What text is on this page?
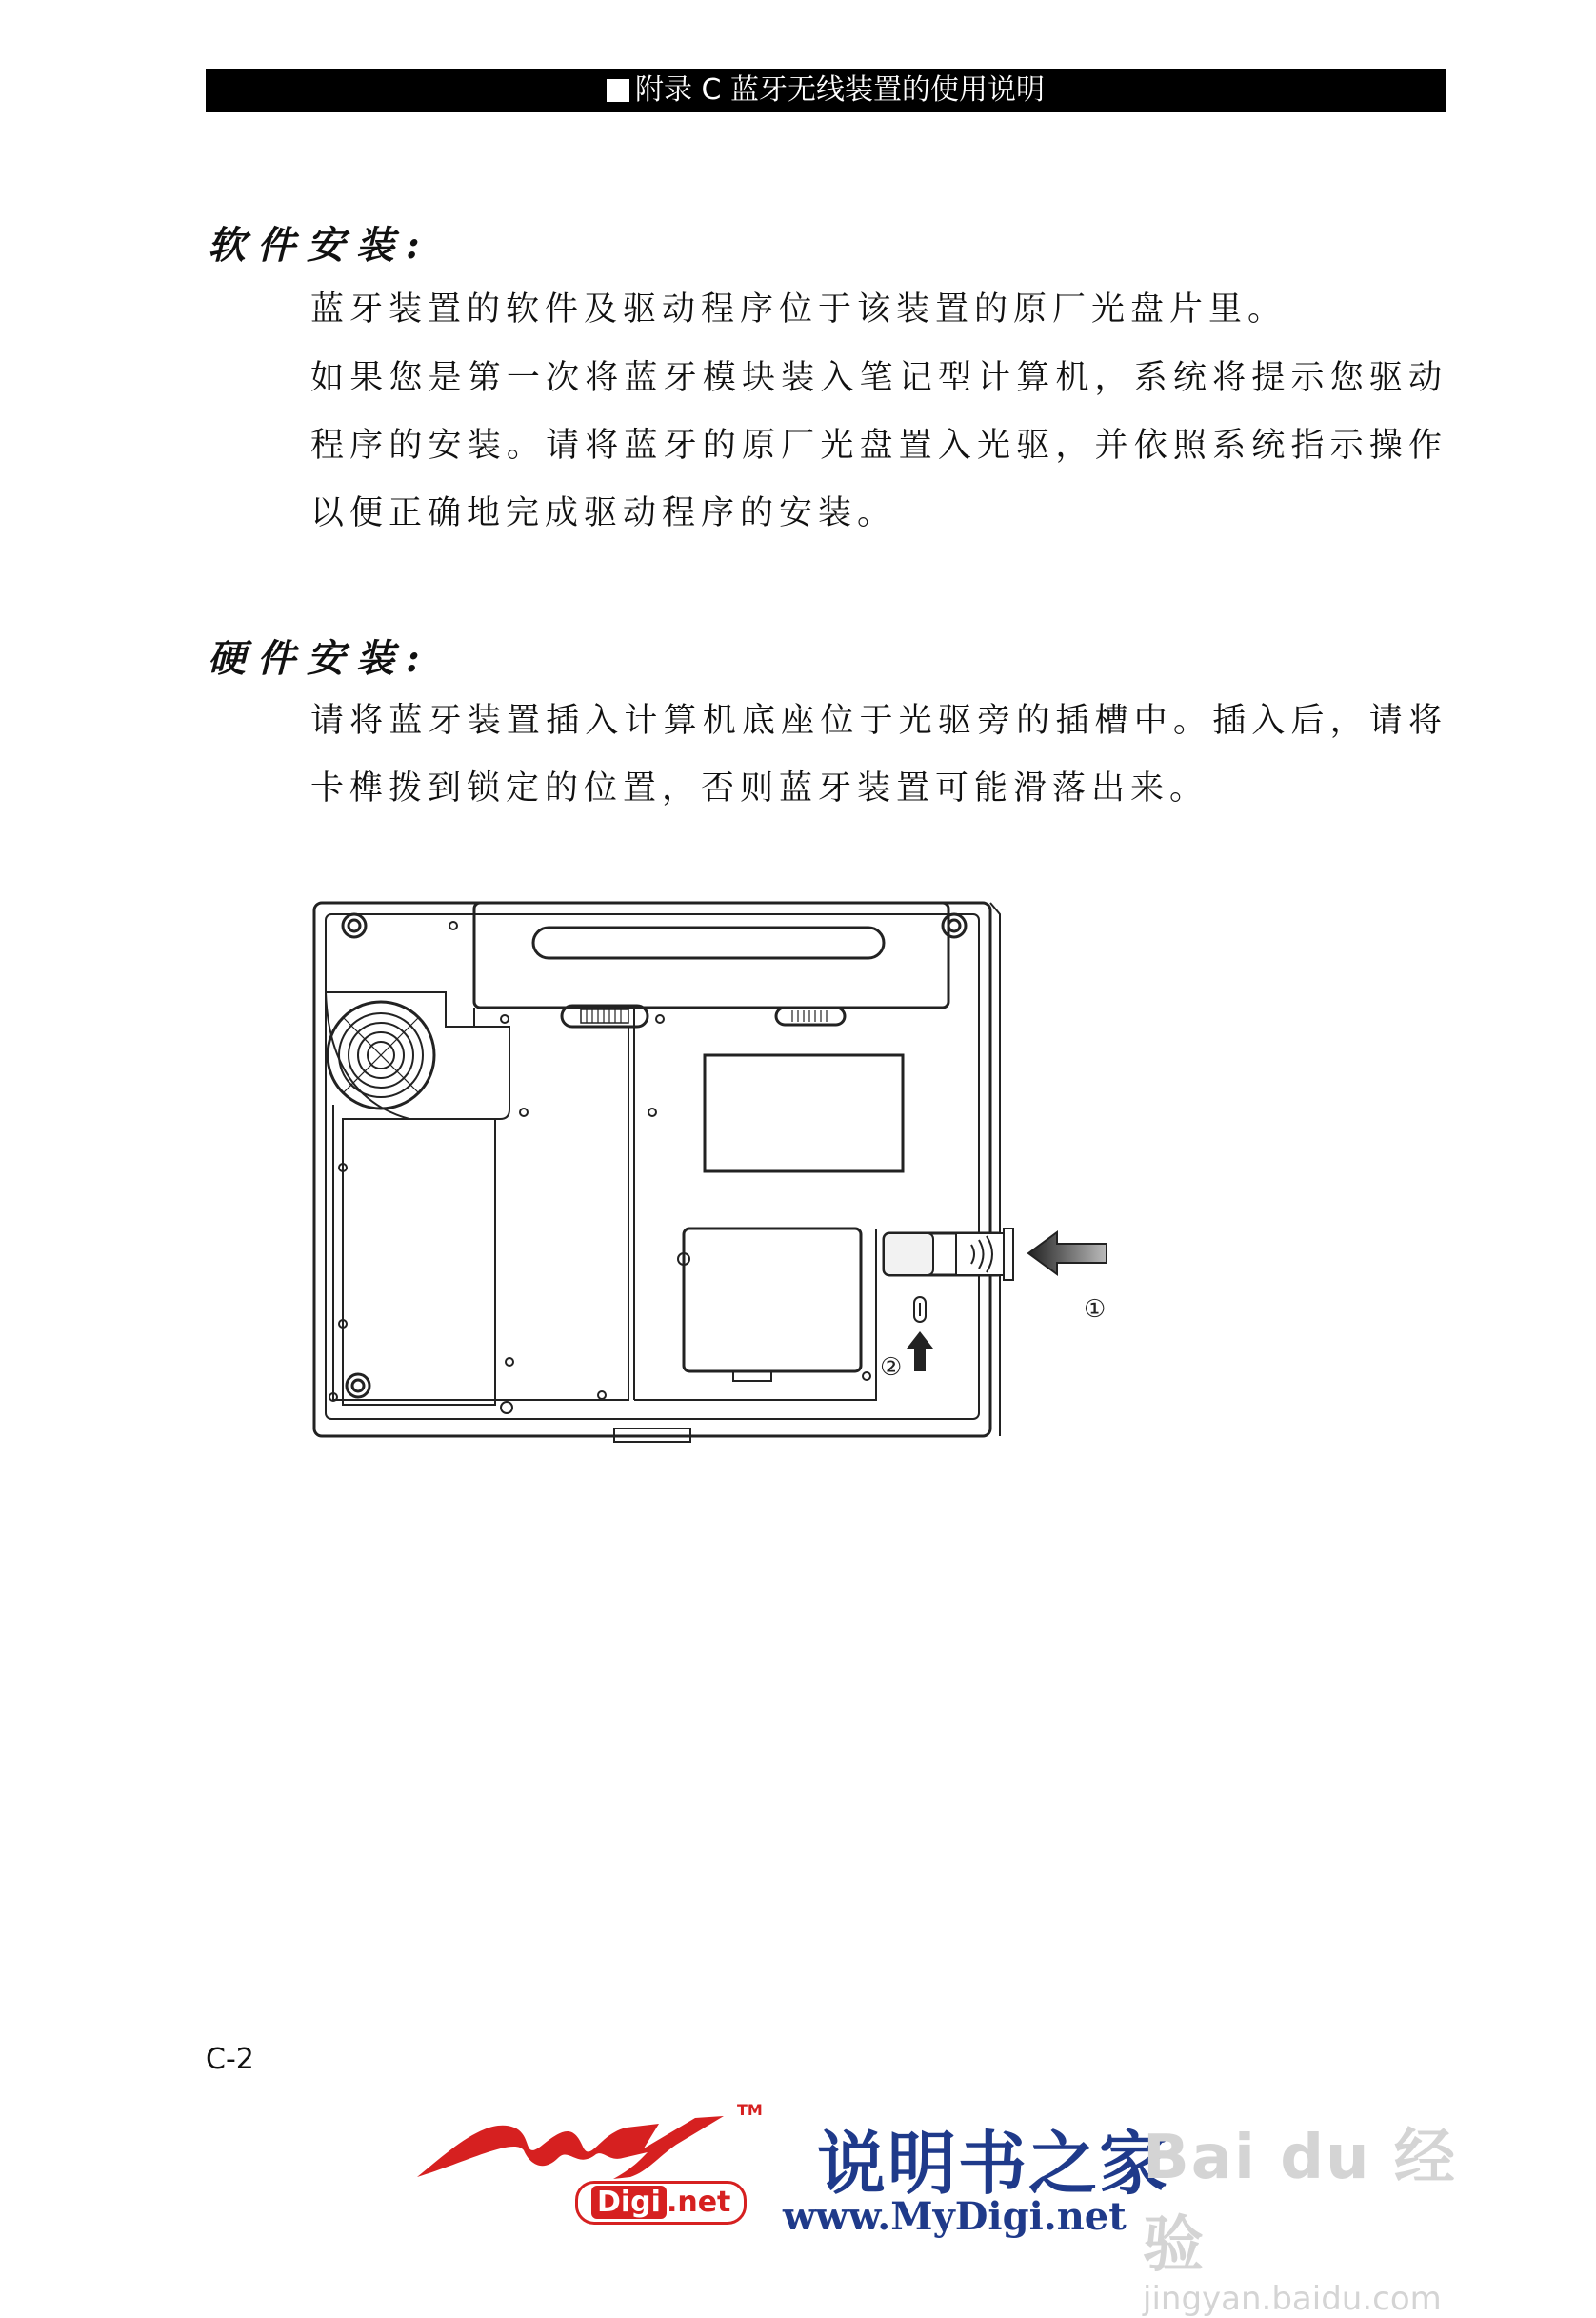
附录 C 蓝牙无线装置的使用说明
软件安装:

蓝牙装置的软件及驱动程序位于该装置的原厂光盘片里。

如果您是第一次将蓝牙模块装入笔记型计算机，系统将提示您驱动程序的安装。请将蓝牙的原厂光盘置入光驱，并依照系统指示操作以便正确地完成驱动程序的安装。

硬件安装:

请将蓝牙装置插入计算机底座位于光驱旁的插槽中。插入后，请将卡榫拨到锁定的位置，否则蓝牙装置可能滑落出来。

①
②
C-2
TM
Digi .net 说明书之家
www.MyDigi.net
Bai du 经验
jingyan.baidu.com
